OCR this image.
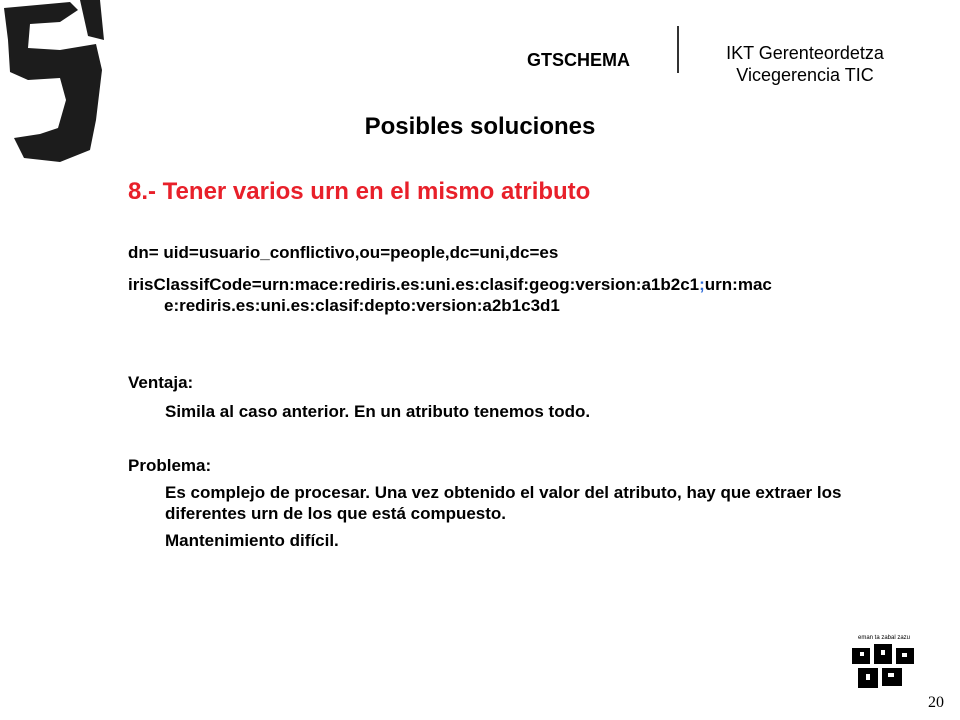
GTSCHEMA	IKT Gerenteordetza
Vicegerencia TIC
Posibles soluciones
8.- Tener varios urn en el mismo atributo
dn= uid=usuario_conflictivo,ou=people,dc=uni,dc=es
irisClassifCode=urn:mace:rediris.es:uni.es:clasif:geog:version:a1b2c1;urn:mac
e:rediris.es:uni.es:clasif:depto:version:a2b1c3d1
Ventaja:
Simila al caso anterior. En un atributo tenemos todo.
Problema:
Es complejo de procesar. Una vez obtenido el valor del atributo, hay que extraer los diferentes urn de los que está compuesto.
Mantenimiento difícil.
eman ta zabal zazu
20
